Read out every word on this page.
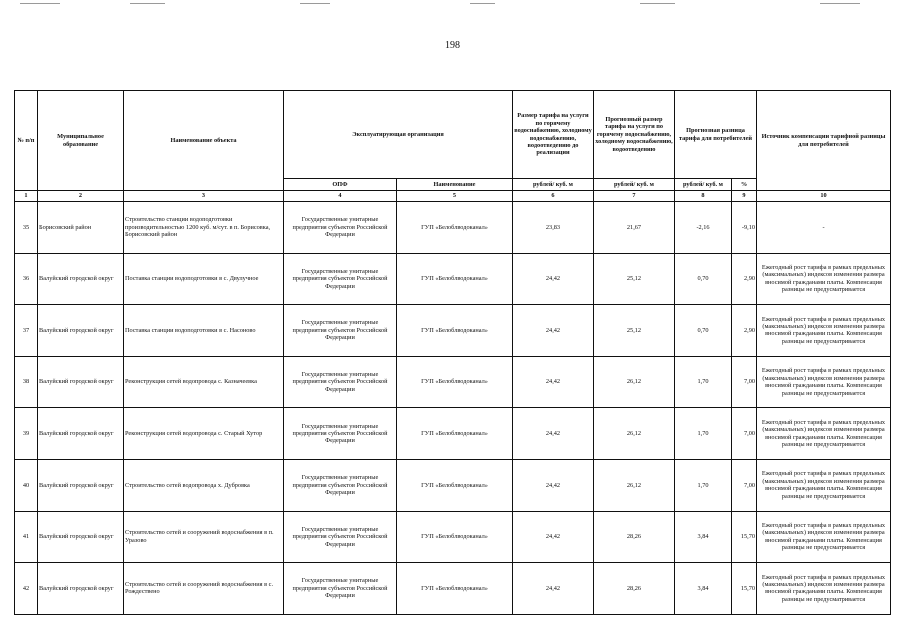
198
№ п/п	Муниципальное образование	Наименование объекта	Эксплуатирующая организация		Размер тарифа на услуги по горячему водоснабжению, холодному водоснабжению, водоотведению до реализации	Прогнозный размер тарифа на услуги по горячему водоснабжению, холодному водоснабжению, водоотведению	Прогнозная разница тарифа для потребителей		Источник компенсации тарифной разницы для потребителей
			ОПФ	Наименование	рублей/ куб. м	рублей/ куб. м	рублей/ куб. м	%	
1	2	3	4	5	6	7	8	9	10
35	Борисовский район	Строительство станции водоподготовки производительностью 1200 куб. м/сут. в п. Борисовка, Борисовский район	Государственные унитарные предприятия субъектов Российской Федерации	ГУП «Белоблводоканал»	23,83	21,67	-2,16	-9,10	-
36	Валуйский городской округ	Поставка станции водоподготовки в с. Двулучное	Государственные унитарные предприятия субъектов Российской Федерации	ГУП «Белоблводоканал»	24,42	25,12	0,70	2,90	Ежегодный рост тарифа в рамках предельных (максимальных) индексов изменения размера вносимой гражданами платы. Компенсация разницы не предусматривается
37	Валуйский городской округ	Поставка станции водоподготовки в с. Насоново	Государственные унитарные предприятия субъектов Российской Федерации	ГУП «Белоблводоканал»	24,42	25,12	0,70	2,90	Ежегодный рост тарифа в рамках предельных (максимальных) индексов изменения размера вносимой гражданами платы. Компенсация разницы не предусматривается
38	Валуйский городской округ	Реконструкция сетей водопровода с. Казначеевка	Государственные унитарные предприятия субъектов Российской Федерации	ГУП «Белоблводоканал»	24,42	26,12	1,70	7,00	Ежегодный рост тарифа в рамках предельных (максимальных) индексов изменения размера вносимой гражданами платы. Компенсация разницы не предусматривается
39	Валуйский городской округ	Реконструкция сетей водопровода с. Старый Хутор	Государственные унитарные предприятия субъектов Российской Федерации	ГУП «Белоблводоканал»	24,42	26,12	1,70	7,00	Ежегодный рост тарифа в рамках предельных (максимальных) индексов изменения размера вносимой гражданами платы. Компенсация разницы не предусматривается
40	Валуйский городской округ	Строительство сетей водопровода х. Дубровка	Государственные унитарные предприятия субъектов Российской Федерации	ГУП «Белоблводоканал»	24,42	26,12	1,70	7,00	Ежегодный рост тарифа в рамках предельных (максимальных) индексов изменения размера вносимой гражданами платы. Компенсация разницы не предусматривается
41	Валуйский городской округ	Строительство сетей и сооружений водоснабжения в п. Уразово	Государственные унитарные предприятия субъектов Российской Федерации	ГУП «Белоблводоканал»	24,42	28,26	3,84	15,70	Ежегодный рост тарифа в рамках предельных (максимальных) индексов изменения размера вносимой гражданами платы. Компенсация разницы не предусматривается
42	Валуйский городской округ	Строительство сетей и сооружений водоснабжения в с. Рождествено	Государственные унитарные предприятия субъектов Российской Федерации	ГУП «Белоблводоканал»	24,42	28,26	3,84	15,70	Ежегодный рост тарифа в рамках предельных (максимальных) индексов изменения размера вносимой гражданами платы. Компенсация разницы не предусматривается
